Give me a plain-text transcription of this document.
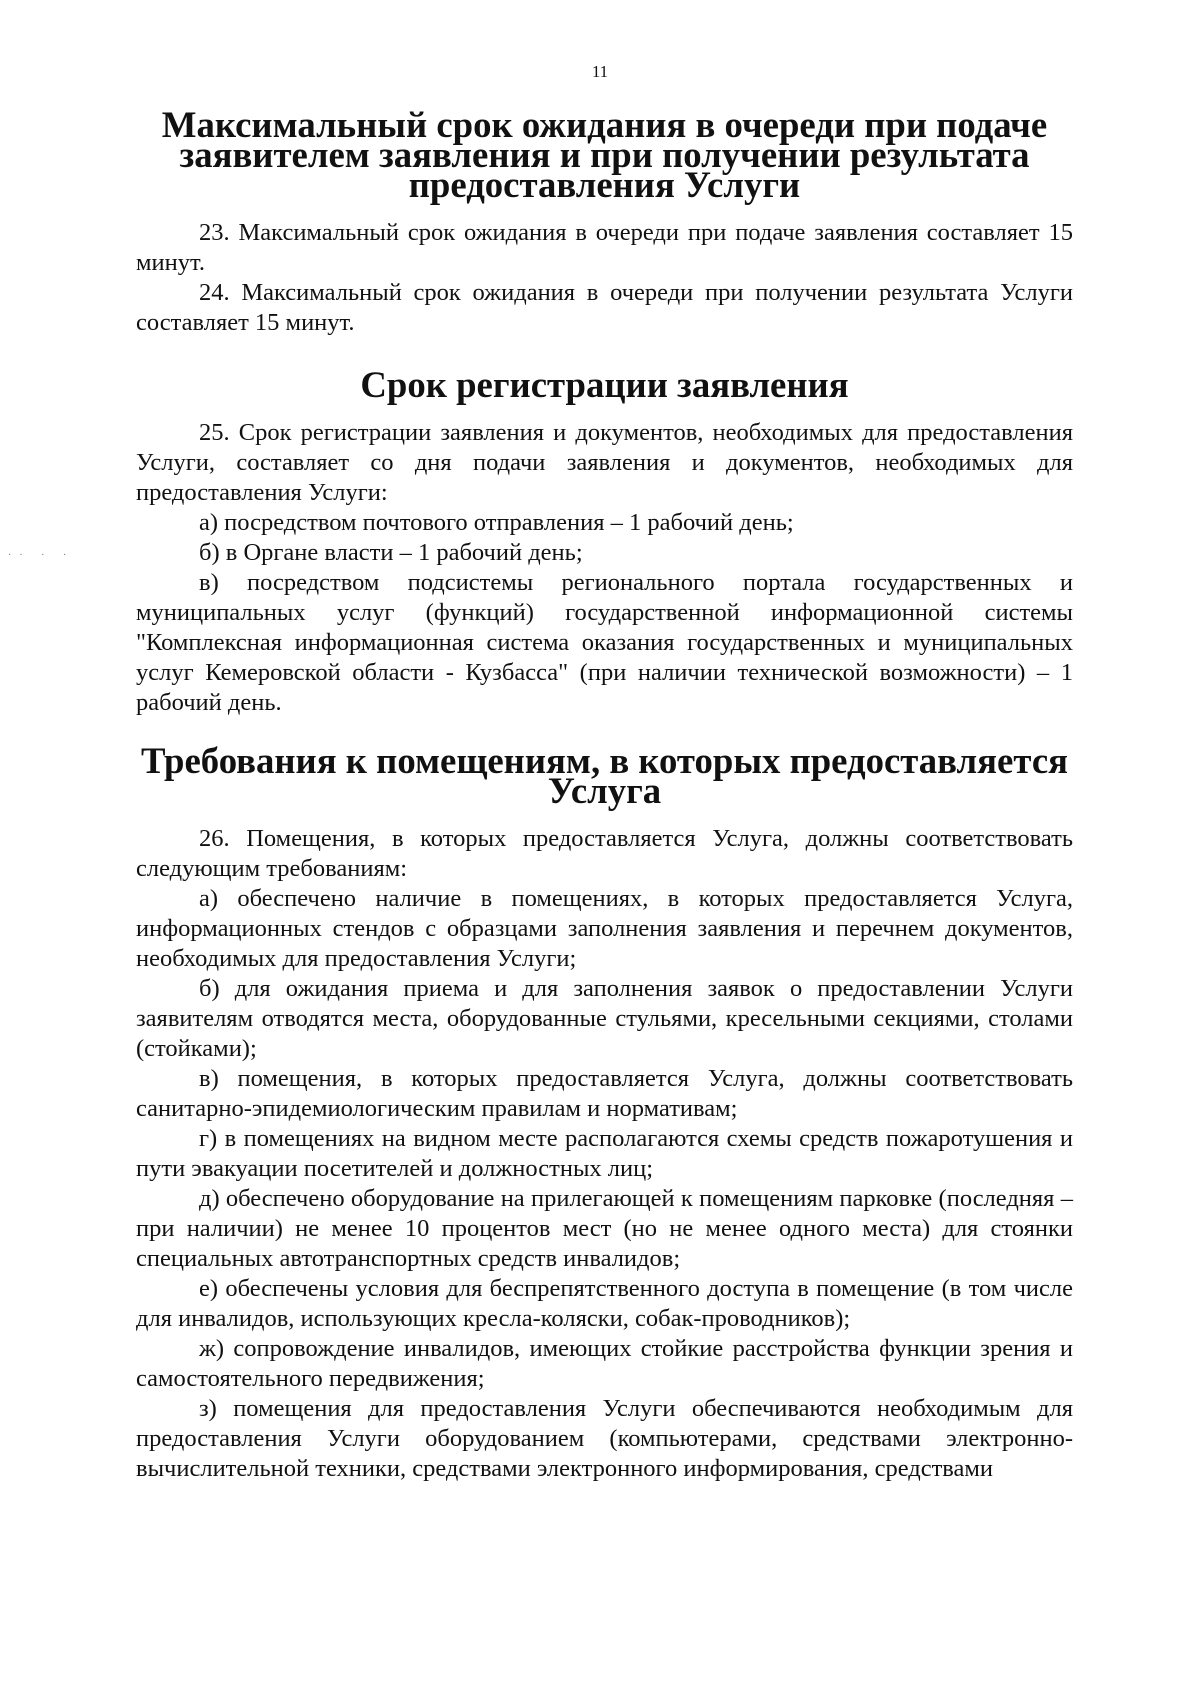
11
·· · ·
Максимальный срок ожидания в очереди при подаче заявителем заявления и при получении результата предоставления Услуги

23. Максимальный срок ожидания в очереди при подаче заявления составляет 15 минут.

24. Максимальный срок ожидания в очереди при получении результата Услуги составляет 15 минут.

Срок регистрации заявления

25. Срок регистрации заявления и документов, необходимых для предоставления Услуги, составляет со дня подачи заявления и документов, необходимых для предоставления Услуги:

а) посредством почтового отправления – 1 рабочий день;

б) в Органе власти – 1 рабочий день;

в) посредством подсистемы регионального портала государственных и муниципальных услуг (функций) государственной информационной системы "Комплексная информационная система оказания государственных и муниципальных услуг Кемеровской области - Кузбасса" (при наличии технической возможности) – 1 рабочий день.

Требования к помещениям, в которых предоставляется Услуга

26. Помещения, в которых предоставляется Услуга, должны соответствовать следующим требованиям:

а) обеспечено наличие в помещениях, в которых предоставляется Услуга, информационных стендов с образцами заполнения заявления и перечнем документов, необходимых для предоставления Услуги;

б) для ожидания приема и для заполнения заявок о предоставлении Услуги заявителям отводятся места, оборудованные стульями, кресельными секциями, столами (стойками);

в) помещения, в которых предоставляется Услуга, должны соответствовать санитарно-эпидемиологическим правилам и нормативам;

г) в помещениях на видном месте располагаются схемы средств пожаротушения и пути эвакуации посетителей и должностных лиц;

д) обеспечено оборудование на прилегающей к помещениям парковке (последняя – при наличии) не менее 10 процентов мест (но не менее одного места) для стоянки специальных автотранспортных средств инвалидов;

е) обеспечены условия для беспрепятственного доступа в помещение (в том числе для инвалидов, использующих кресла-коляски, собак-проводников);

ж) сопровождение инвалидов, имеющих стойкие расстройства функции зрения и самостоятельного передвижения;

з) помещения для предоставления Услуги обеспечиваются необходимым для предоставления Услуги оборудованием (компьютерами, средствами электронно-вычислительной техники, средствами электронного информирования, средствами
